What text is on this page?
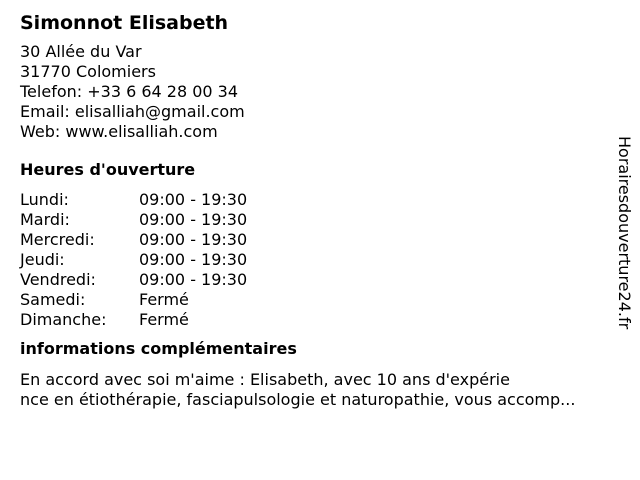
Simonnot Elisabeth

30 Allée du Var

31770 Colomiers

Telefon: +33 6 64 28 00 34

Email: elisalliah@gmail.com

Web: www.elisalliah.com

Heures d'ouverture
Lundi:	09:00 - 19:30
Mardi:	09:00 - 19:30
Mercredi:	09:00 - 19:30
Jeudi:	09:00 - 19:30
Vendredi:	09:00 - 19:30
Samedi:	Fermé
Dimanche:	Fermé
informations complémentaires

En accord avec soi m'aime : Elisabeth, avec 10 ans d'expérie

nce en étiothérapie, fasciapulsologie et naturopathie, vous accomp...

Horairesdouverture24.fr
